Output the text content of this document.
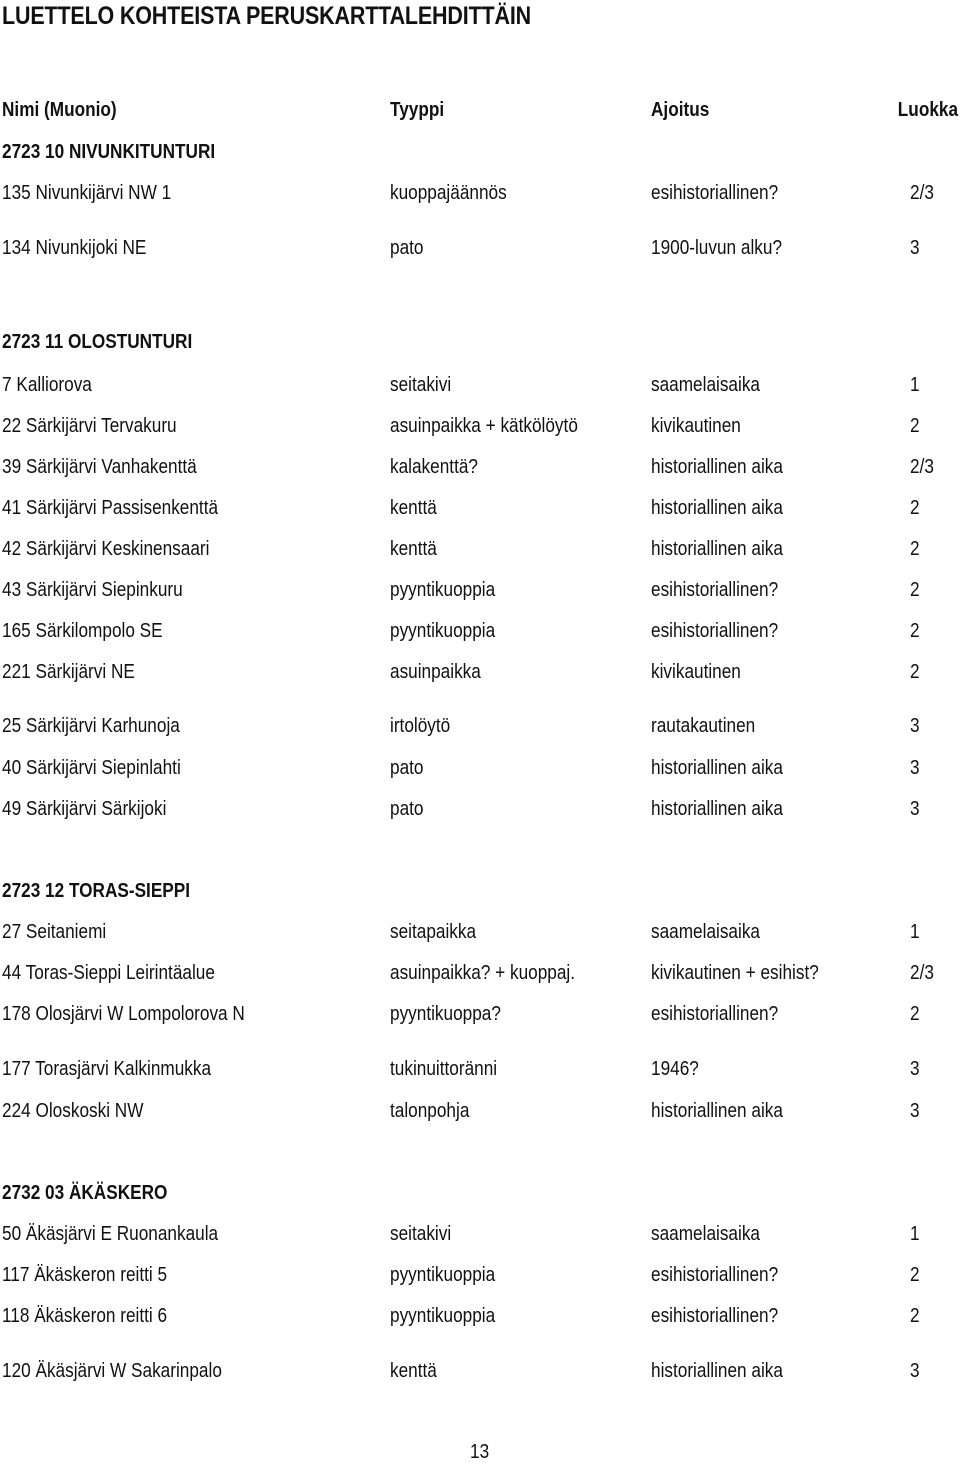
LUETTELO KOHTEISTA PERUSKARTTALEHDITTÄIN
Nimi (Muonio)	Tyyppi	Ajoitus	Luokka
2723 10 NIVUNKITUNTURI
135 Nivunkijärvi NW 1	kuoppajäännös	esihistoriallinen?	2/3
134 Nivunkijoki NE	pato	1900-luvun alku?	3
2723 11 OLOSTUNTURI
7 Kalliorova	seitakivi	saamelaisaika	1
22 Särkijärvi Tervakuru	asuinpaikka + kätkölöytö	kivikautinen	2
39 Särkijärvi Vanhakenttä	kalakenttä?	historiallinen aika	2/3
41 Särkijärvi Passisenkenttä	kenttä	historiallinen aika	2
42 Särkijärvi Keskinensaari	kenttä	historiallinen aika	2
43 Särkijärvi Siepinkuru	pyyntikuoppia	esihistoriallinen?	2
165 Särkilompolo SE	pyyntikuoppia	esihistoriallinen?	2
221 Särkijärvi NE	asuinpaikka	kivikautinen	2
25 Särkijärvi Karhunoja	irtolöytö	rautakautinen	3
40 Särkijärvi Siepinlahti	pato	historiallinen aika	3
49 Särkijärvi Särkijoki	pato	historiallinen aika	3
2723 12 TORAS-SIEPPI
27 Seitaniemi	seitapaikka	saamelaisaika	1
44 Toras-Sieppi Leirintäalue	asuinpaikka? + kuoppaj.	kivikautinen + esihist?	2/3
178 Olosjärvi W Lompolorova N	pyyntikuoppa?	esihistoriallinen?	2
177 Torasjärvi Kalkinmukka	tukinuittoränni	1946?	3
224 Oloskoski NW	talonpohja	historiallinen aika	3
2732 03 ÄKÄSKERO
50 Äkäsjärvi E Ruonankaula	seitakivi	saamelaisaika	1
117 Äkäskeron reitti 5	pyyntikuoppia	esihistoriallinen?	2
118 Äkäskeron reitti 6	pyyntikuoppia	esihistoriallinen?	2
120 Äkäsjärvi W Sakarinpalo	kenttä	historiallinen aika	3
13
